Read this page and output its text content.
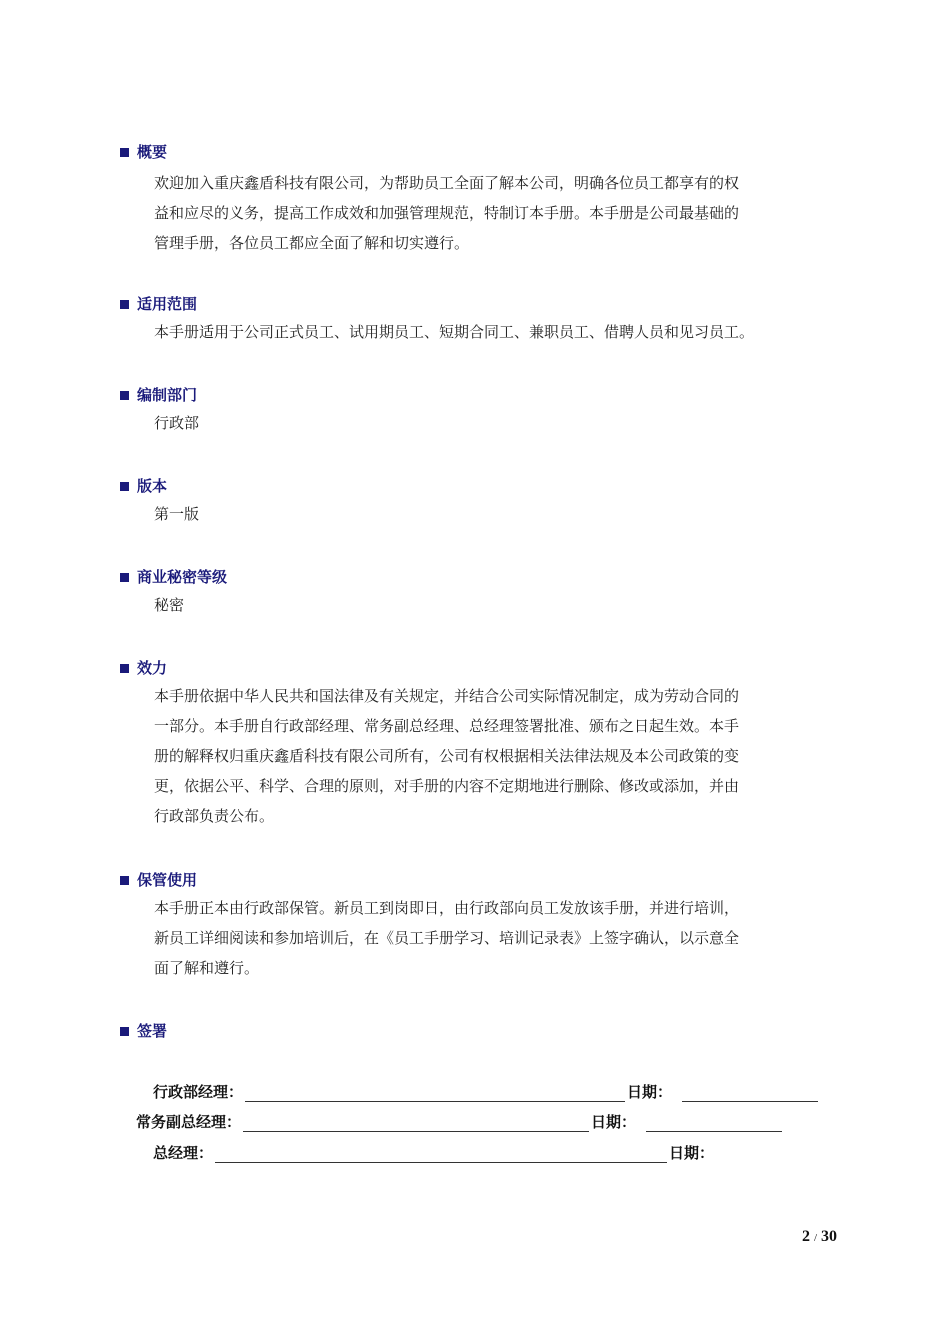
概要
欢迎加入重庆鑫盾科技有限公司，为帮助员工全面了解本公司，明确各位员工都享有的权
益和应尽的义务，提高工作成效和加强管理规范，特制订本手册。本手册是公司最基础的
管理手册，各位员工都应全面了解和切实遵行。
适用范围
本手册适用于公司正式员工、试用期员工、短期合同工、兼职员工、借聘人员和见习员工。
编制部门
行政部
版本
第一版
商业秘密等级
秘密
效力
本手册依据中华人民共和国法律及有关规定，并结合公司实际情况制定，成为劳动合同的
一部分。本手册自行政部经理、常务副总经理、总经理签署批准、颁布之日起生效。本手
册的解释权归重庆鑫盾科技有限公司所有，公司有权根据相关法律法规及本公司政策的变
更，依据公平、科学、合理的原则，对手册的内容不定期地进行删除、修改或添加，并由
行政部负责公布。
保管使用
本手册正本由行政部保管。新员工到岗即日，由行政部向员工发放该手册，并进行培训，
新员工详细阅读和参加培训后，在《员工手册学习、培训记录表》上签字确认，以示意全
面了解和遵行。
签署
行政部经理：	日期：
常务副总经理：	日期：
总经理：	日期：
2 / 30
